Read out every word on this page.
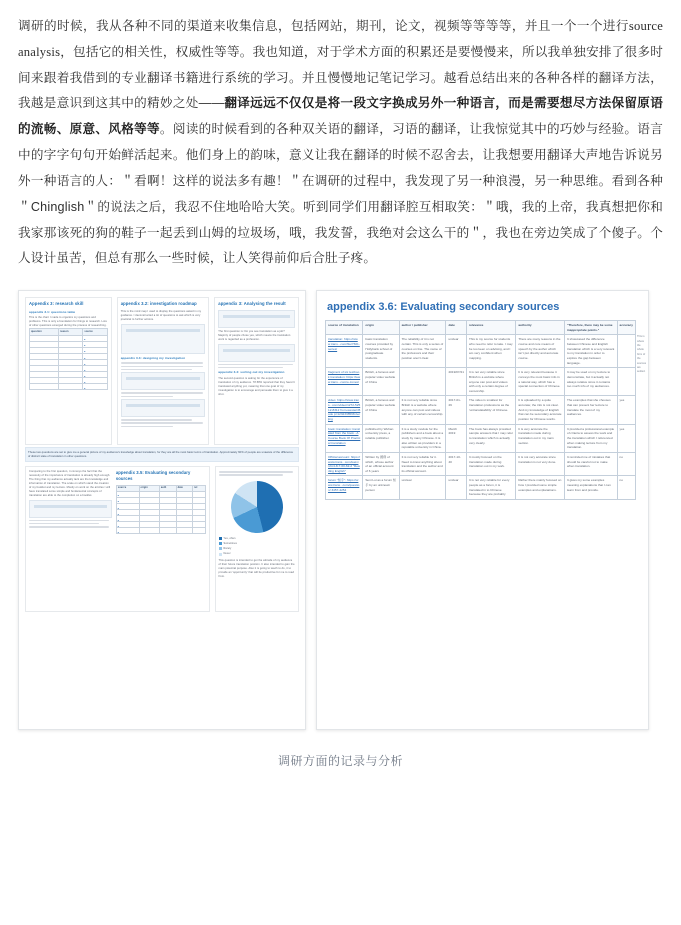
调研的时候，我从各种不同的渠道来收集信息，包括网站，期刊，论文，视频等等等等，并且一个一个进行source analysis，包括它的相关性，权威性等等。我也知道，对于学术方面的积累还是要慢慢来，所以我单独安排了很多时间来跟着我借到的专业翻译书籍进行系统的学习。并且慢慢地记笔记学习。越看总结出来的各种各样的翻译方法，我越是意识到这其中的精妙之处——翻译远远不仅仅是将一段文字换成另外一种语言，而是需要想尽方法保留原语的流畅、原意、风格等等。阅读的时候看到的各种双关语的翻译，习语的翻译，让我惊觉其中的巧妙与经验。语言中的字字句句开始鲜活起来。他们身上的韵味，意义让我在翻译的时候不忍舍去，让我想要用翻译大声地告诉说另外一种语言的人：＂看啊！这样的说法多有趣！＂在调研的过程中，我发现了另一种浪漫，另一种思维。看到各种＂Chinglish＂的说法之后，我忍不住地哈哈大笑。听到同学们用翻译腔互相取笑：＂哦，我的上帝，我真想把你和我家那该死的狗的鞋子一起丢到山姆的垃圾场，哦，我发誓，我绝对会这么干的＂，我也在旁边笑成了个傻子。个人设计虽苦，但总有那么一些时候，让人笑得前仰后合肚子疼。
Appendix 3: research skill
appendix 3.1: questions table
This is the chart I made to organize my questions and problems. This is only a foundation for things to research. Lots of other questions emerged during the process of researching.
question	reason	source

appendix 3.2: investigation roadmap
This is the mind map I used to display the questions asked in my guidance. I deconstructed a lot of questions to ask which is very practical to further actions.
appendix 3.3: designing my investigation
appendix 3: Analysing the result
The first question is: Do you see translation as a job? Majority of people chose yes, which means the translation work is regarded as a profession.
appendix 3.4: sorting out my investigation
The second question is asking for the experience of translation of my audience. 78.58% reported that they haven't translated anything yet, meaning that one goal of my investigation is to encourage and persuade them to give it a shot.
These two questions are set to give me a general picture of my audience's knowledge about translation, for they are all the most basic terms of translation. Approximately 60% of people are unaware of the difference of distinct state of translation in other questions.
Comparing to the first question, it conveys the fact that the necessity of the importance of translation is already high enough. The thing that my audience actually lack are the knowledge and information of translation. The scale on which stand the creation of my booklet and my lecture. Mostly on work on the articles I will have translated some simple and fundamental concepts of translation are able to the completion on a booklet.
appendix 3.5: Evaluating secondary sources
source	origin	auth	date	rel

Yes, often
Sometimes
Rarely
Never
This question is intended to get the attitude of my audience of their future translation position. It also intended to gain the main potential purpose. Also it is going to teach to do, it to provide an 'opportunity' that will be productive for me to read from.
appendix 3.6: Evaluating secondary sources
This is where the whole form of the sources are settled.
source of translation	origin	author / publisher	date	relevance	authority	"Therefore, there may be some inappropriate points."	accuracy
translation: https://www.trans...com/file/7601-series/	basic translation courses provided by Hollybank school of postgraduate students.	The reliability of it is not certain. This is only a series of courses on line. The name of the professors and their position aren't clear.	unclear	This is my source for students who need to refer to take. I may be too keen on advising, and I am very confident when mapping.	There are many reasons in the course and core means of speech by the author which isn't put directly and accurate course.	It showcased the difference between Chinese and English translation which is a very relevant to my translation in order to explore the gap between language.	
fragment of six textbook translation: https://www.trans...com/e-zones/	British, a famous and popular video website of China		2019/07/21	It is not very reliable since British is a website where anyone can post and videos with only a certain degree of censorship.	It is very relevant because it conveys the most basic info in a natural way, which has a special connection of Chinese.	It may be used on my lecture to demonstrate, but it actually not always relative since it contains too much info of my audiences.	
video: https://www.trans...com/video/1272-52512-8312 from-westernBook p=1232338598-beijing	British, a famous and popular video website of China	It is not very reliable since British is a website where anyone can post and videos with any of certain censorship.	2017-01-29	The video is smallest for translation professions as the 'untranslatability' of Chinese.	It is uploaded by a quite accurate; the info is not clear. And my knowledge of English that can be secondary accurate position for Chinese words.	The examples that she chooses that can present her lecture to translate the most of my audiences.	yes
book: translation: translated from the book - A Course Book Of Practical translation	published by Wuhan university press, a reliable publisher.	It is a study module for the publishers and a book about a study by many Chinese. It is also written as providers in a reputable university in China.	March 2019	The book has always provided sample answers that I may refer to translation which is actually very clearly.	It is very accurate the translation made during translation out in my main section.	It provided a professional example of criteria to assess the work and the translation which I referenced when making lecture from my translation.	yes
Official account: https://www.trans...com/weixin/m4-8-7-60-62-2 "Reading English"	Written by 國務 of which, whose author of an official account of 6 years	It is not very reliable for it. Need to know anything about translation and the author and its official account.	2017-10-40	It mostly focused on the translation made during translation out in my work.	It is not very accurate since translation is not very done.	It reminded me of mistakes that should be careful not to make when translation.	no
forum "知乎": https://www.trans...com/question/ 3457-4254	Seni Lui as a forum 知乎 by an unknown person	unclear	unclear	It is not very reliable for every people as a forum, it is translated in to Chinese because they are probably	Rather there mainly focused on how I provided some simple examples and explanations.	It gives my some examples meaning explanations that I can learn from and provide.	no
调研方面的记录与分析
